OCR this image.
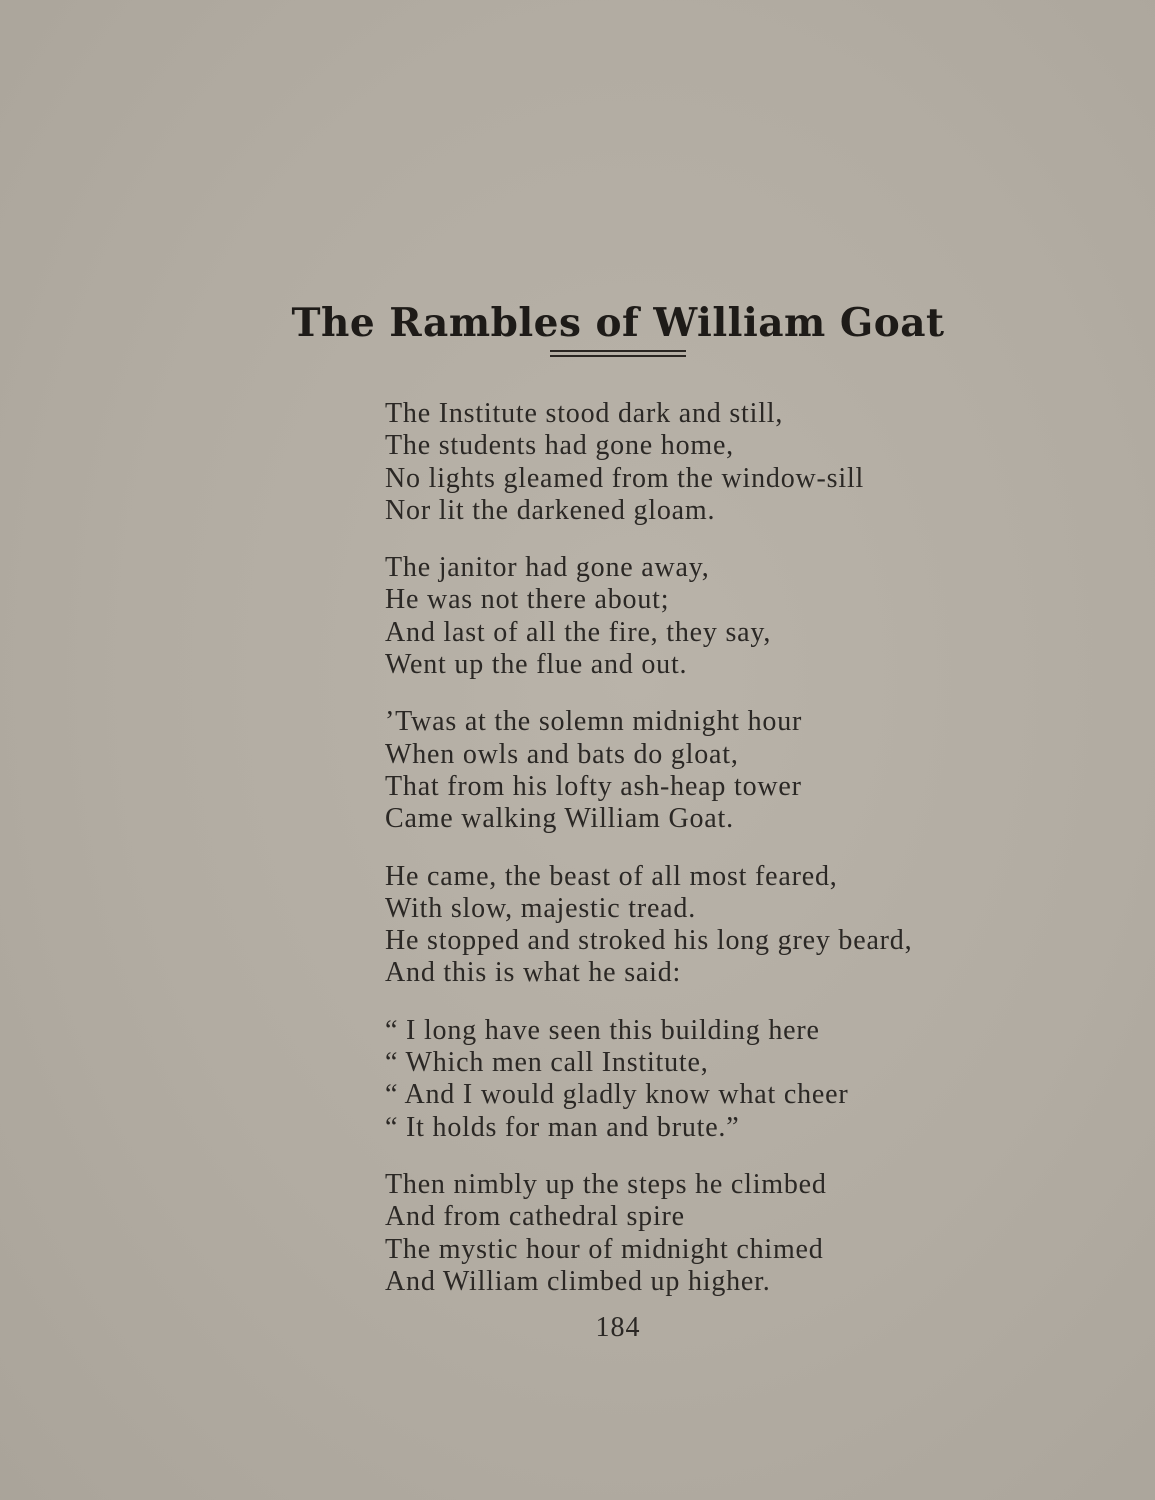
The Rambles of William Goat
The Institute stood dark and still,
The students had gone home,
No lights gleamed from the window-sill
Nor lit the darkened gloam.
The janitor had gone away,
He was not there about;
And last of all the fire, they say,
Went up the flue and out.
’Twas at the solemn midnight hour
When owls and bats do gloat,
That from his lofty ash-heap tower
Came walking William Goat.
He came, the beast of all most feared,
With slow, majestic tread.
He stopped and stroked his long grey beard,
And this is what he said:
“ I long have seen this building here
“ Which men call Institute,
“ And I would gladly know what cheer
“ It holds for man and brute.”
Then nimbly up the steps he climbed
And from cathedral spire
The mystic hour of midnight chimed
And William climbed up higher.
184
